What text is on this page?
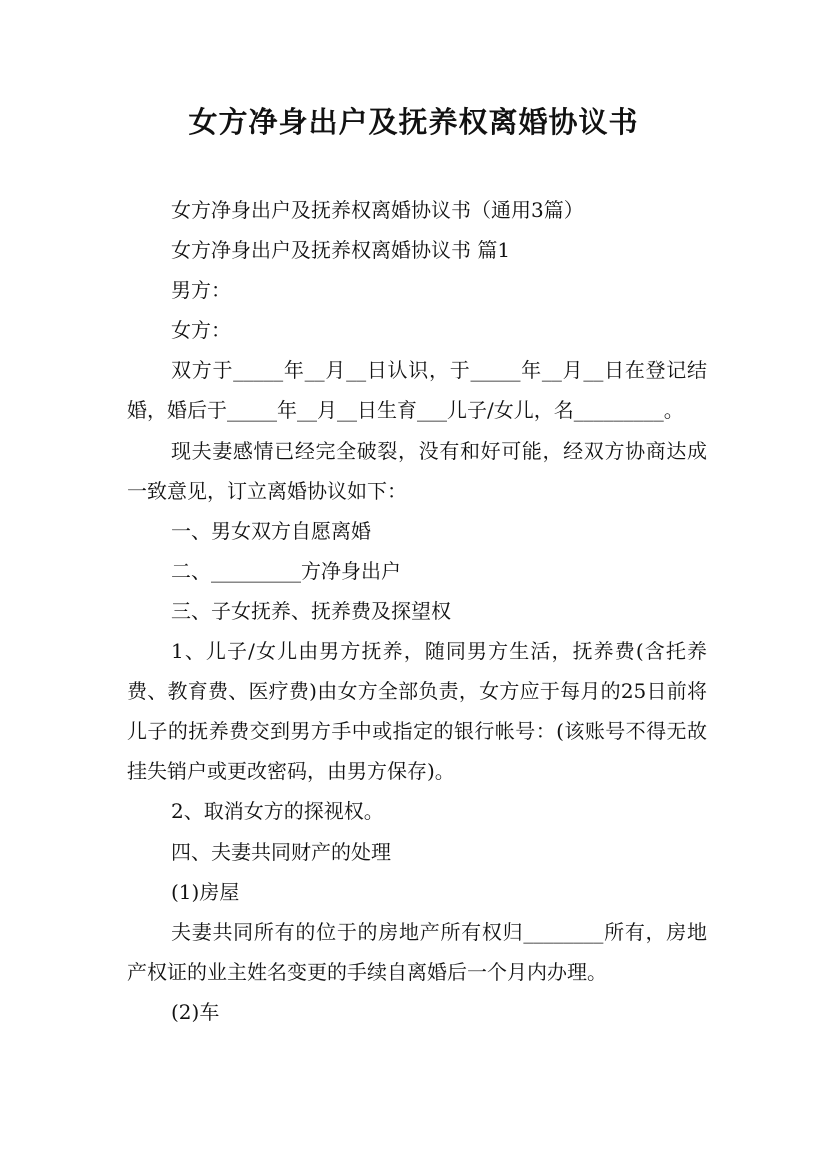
女方净身出户及抚养权离婚协议书

女方净身出户及抚养权离婚协议书（通用3篇）

女方净身出户及抚养权离婚协议书 篇1

男方：

女方：

双方于_____年__月__日认识，于_____年__月__日在登记结婚，婚后于_____年__月__日生育___儿子/女儿，名_________。

现夫妻感情已经完全破裂，没有和好可能，经双方协商达成一致意见，订立离婚协议如下：

一、男女双方自愿离婚

二、_________方净身出户

三、子女抚养、抚养费及探望权

1、儿子/女儿由男方抚养，随同男方生活，抚养费(含托养费、教育费、医疗费)由女方全部负责，女方应于每月的25日前将儿子的抚养费交到男方手中或指定的银行帐号：(该账号不得无故挂失销户或更改密码，由男方保存)。

2、取消女方的探视权。

四、夫妻共同财产的处理

(1)房屋

夫妻共同所有的位于的房地产所有权归________所有，房地产权证的业主姓名变更的手续自离婚后一个月内办理。

(2)车
